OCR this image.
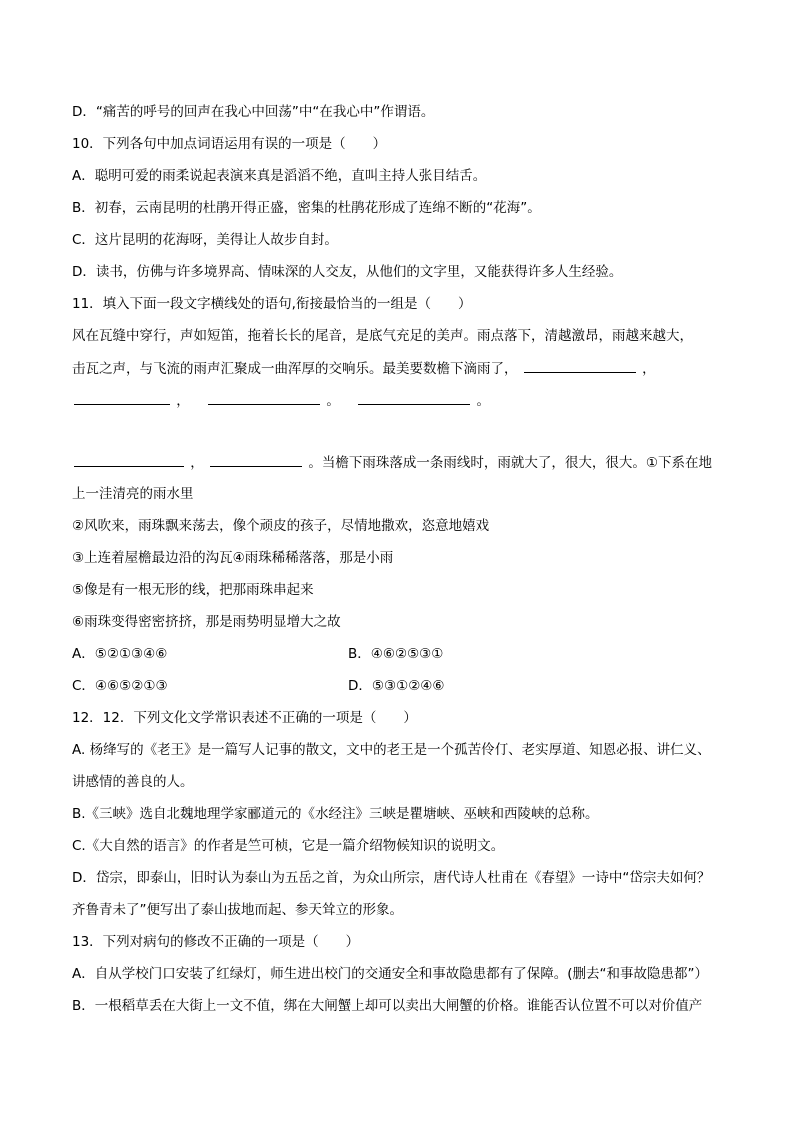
D．“痛苦的呼号的回声在我心中回荡”中“在我心中”作谓语。
10．下列各句中加点词语运用有误的一项是（　　）
A．聪明可爱的雨柔说起表演来真是滔滔不绝，直叫主持人张目结舌。
B．初春，云南昆明的杜鹃开得正盛，密集的杜鹃花形成了连绵不断的“花海”。
C．这片昆明的花海呀，美得让人故步自封。
D．读书，仿佛与许多境界高、情味深的人交友，从他们的文字里，又能获得许多人生经验。
11．填入下面一段文字横线处的语句,衔接最恰当的一组是（　　）
风在瓦缝中穿行，声如短笛，拖着长长的尾音，是底气充足的美声。雨点落下，清越激昂，雨越来越大，
击瓦之声，与飞流的雨声汇聚成一曲浑厚的交响乐。最美要数檐下滴雨了，	，
，	。	。
，	。当檐下雨珠落成一条雨线时，雨就大了，很大，很大。①下系在地
上一洼清亮的雨水里
②风吹来，雨珠飘来荡去，像个顽皮的孩子，尽情地撒欢，恣意地嬉戏
③上连着屋檐最边沿的沟瓦④雨珠稀稀落落，那是小雨
⑤像是有一根无形的线，把那雨珠串起来
⑥雨珠变得密密挤挤，那是雨势明显增大之故
A．⑤②①③④⑥	B．④⑥②⑤③①
C．④⑥⑤②①③	D．⑤③①②④⑥
12．12．下列文化文学常识表述不正确的一项是（　　）
A. 杨绛写的《老王》是一篇写人记事的散文，文中的老王是一个孤苦伶仃、老实厚道、知恩必报、讲仁义、
讲感情的善良的人。
B.《三峡》选自北魏地理学家郦道元的《水经注》三峡是瞿塘峡、巫峡和西陵峡的总称。
C.《大自然的语言》的作者是竺可桢，它是一篇介绍物候知识的说明文。
D．岱宗，即泰山，旧时认为泰山为五岳之首，为众山所宗，唐代诗人杜甫在《春望》一诗中“岱宗夫如何？
齐鲁青未了”便写出了泰山拔地而起、参天耸立的形象。
13．下列对病句的修改不正确的一项是（　　）
A．自从学校门口安装了红绿灯，师生进出校门的交通安全和事故隐患都有了保障。(删去“和事故隐患都”）
B．一根稻草丢在大街上一文不值，绑在大闸蟹上却可以卖出大闸蟹的价格。谁能否认位置不可以对价值产
